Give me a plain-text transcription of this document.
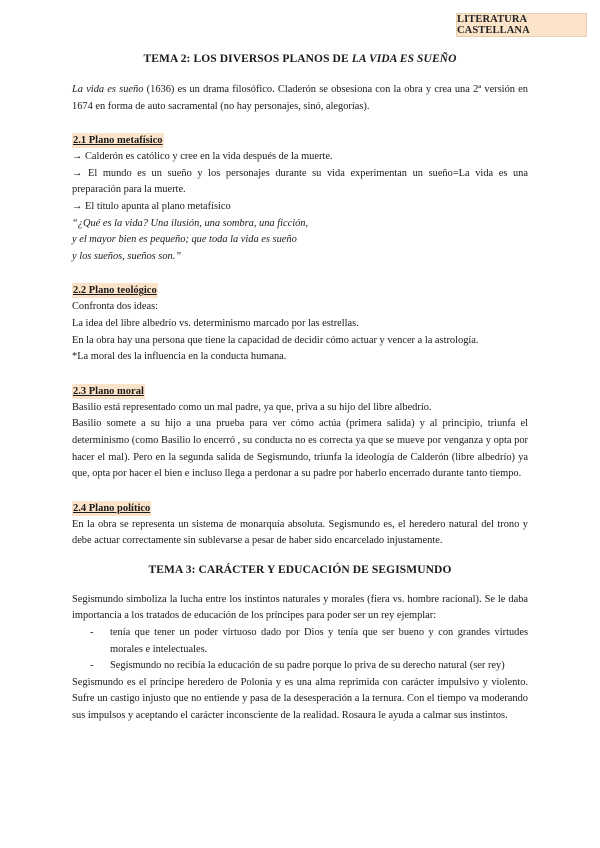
LITERATURA CASTELLANA
TEMA 2: LOS DIVERSOS PLANOS DE LA VIDA ES SUEÑO

La vida es sueño (1636) es un drama filosófico. Claderón se obsesiona con la obra y crea una 2ª versión en 1674 en forma de auto sacramental (no hay personajes, sinó, alegorías).

2.1 Plano metafísico

→ Calderón es católico y cree en la vida después de la muerte.

→ El mundo es un sueño y los personajes durante su vida experimentan un sueño=La vida es una preparación para la muerte.

→ El título apunta al plano metafísico

“¿Qué es la vida? Una ilusión, una sombra, una ficción,

y el mayor bien es pequeño; que toda la vida es sueño

y los sueños, sueños son.”

2.2 Plano teológico

Confronta dos ideas:

La idea del libre albedrío vs. determinismo marcado por las estrellas.

En la obra hay una persona que tiene la capacidad de decidir cómo actuar y vencer a la astrología.

*La moral des la influencia en la conducta humana.

2.3 Plano moral

Basilio está representado como un mal padre, ya que, priva a su hijo del libre albedrío.

Basilio somete a su hijo a una prueba para ver cómo actúa (primera salida) y al principio, triunfa el determinismo (como Basilio lo encerró , su conducta no es correcta ya que se mueve por venganza y opta por hacer el mal). Pero en la segunda salida de Segismundo, triunfa la ideología de Calderón (libre albedrío) ya que, opta por hacer el bien e incluso llega a perdonar a su padre por haberlo encerrado durante tanto tiempo.

2.4 Plano político

En la obra se representa un sistema de monarquía absoluta. Segismundo es, el heredero natural del trono y debe actuar correctamente sin sublevarse a pesar de haber sido encarcelado injustamente.

TEMA 3: CARÁCTER Y EDUCACIÓN DE SEGISMUNDO

Segismundo simboliza la lucha entre los instintos naturales y morales (fiera vs. hombre racional). Se le daba importancia a los tratados de educación de los príncipes para poder ser un rey ejemplar:

- tenía que tener un poder virtuoso dado por Dios y tenía que ser bueno y con grandes virtudes morales e intelectuales.
- Segismundo no recibía la educación de su padre porque lo priva de su derecho natural (ser rey)

Segismundo es el príncipe heredero de Polonia y es una alma reprimida con carácter impulsivo y violento. Sufre un castigo injusto que no entiende y pasa de la desesperación a la ternura. Con el tiempo va moderando sus impulsos y aceptando el carácter inconsciente de la realidad. Rosaura le ayuda a calmar sus instintos.
